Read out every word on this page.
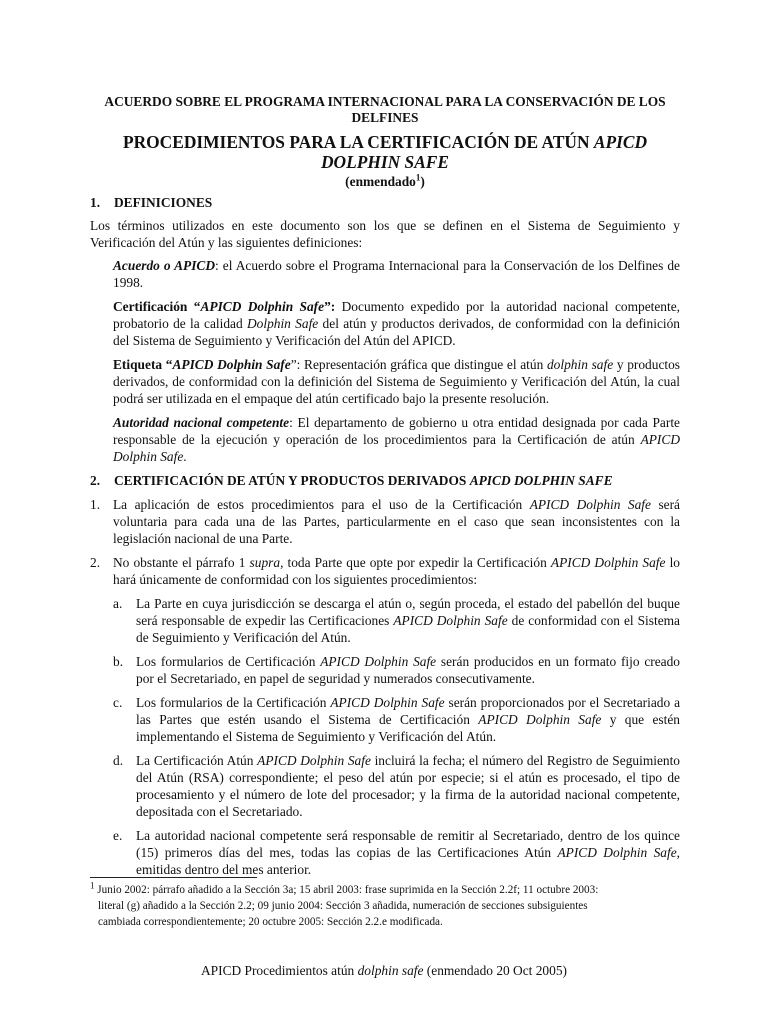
ACUERDO SOBRE EL PROGRAMA INTERNACIONAL PARA LA CONSERVACIÓN DE LOS DELFINES

PROCEDIMIENTOS PARA LA CERTIFICACIÓN DE ATÚN APICD DOLPHIN SAFE

(enmendado$^1$)

1.	DEFINICIONES

Los términos utilizados en este documento son los que se definen en el Sistema de Seguimiento y Verificación del Atún y las siguientes definiciones:

Acuerdo o APICD: el Acuerdo sobre el Programa Internacional para la Conservación de los Delfines de 1998.

Certificación “APICD Dolphin Safe”: Documento expedido por la autoridad nacional competente, probatorio de la calidad Dolphin Safe del atún y productos derivados, de conformidad con la definición del Sistema de Seguimiento y Verificación del Atún del APICD.

Etiqueta “APICD Dolphin Safe”: Representación gráfica que distingue el atún dolphin safe y productos derivados, de conformidad con la definición del Sistema de Seguimiento y Verificación del Atún, la cual podrá ser utilizada en el empaque del atún certificado bajo la presente resolución.

Autoridad nacional competente: El departamento de gobierno u otra entidad designada por cada Parte responsable de la ejecución y operación de los procedimientos para la Certificación de atún APICD Dolphin Safe.

2.	CERTIFICACIÓN DE ATÚN Y PRODUCTOS DERIVADOS APICD DOLPHIN SAFE

1. La aplicación de estos procedimientos para el uso de la Certificación APICD Dolphin Safe será voluntaria para cada una de las Partes, particularmente en el caso que sean inconsistentes con la legislación nacional de una Parte.
2. No obstante el párrafo 1 supra, toda Parte que opte por expedir la Certificación APICD Dolphin Safe lo hará únicamente de conformidad con los siguientes procedimientos:
a.	La Parte en cuya jurisdicción se descarga el atún o, según proceda, el estado del pabellón del buque será responsable de expedir las Certificaciones APICD Dolphin Safe de conformidad con el Sistema de Seguimiento y Verificación del Atún.
b. Los formularios de Certificación APICD Dolphin Safe serán producidos en un formato fijo creado por el Secretariado, en papel de seguridad y numerados consecutivamente.
c.	Los formularios de la Certificación APICD Dolphin Safe serán proporcionados por el Secretariado a las Partes que estén usando el Sistema de Certificación APICD Dolphin Safe y que estén implementando el Sistema de Seguimiento y Verificación del Atún.
d. La Certificación Atún APICD Dolphin Safe incluirá la fecha; el número del Registro de Seguimiento del Atún (RSA) correspondiente; el peso del atún por especie; si el atún es procesado, el tipo de procesamiento y el número de lote del procesador; y la firma de la autoridad nacional competente, depositada con el Secretariado.
e.	La autoridad nacional competente será responsable de remitir al Secretariado, dentro de los quince (15) primeros días del mes, todas las copias de las Certificaciones Atún APICD Dolphin Safe, emitidas dentro del mes anterior.
$^1$ Junio 2002: párrafo añadido a la Sección 3a; 15 abril 2003: frase suprimida en la Sección 2.2f; 11 octubre 2003:
literal (g) añadido a la Sección 2.2; 09 junio 2004: Sección 3 añadida, numeración de secciones subsiguientes
cambiada correspondientemente; 20 octubre 2005: Sección 2.2.e modificada.
APICD Procedimientos atún dolphin safe (enmendado 20 Oct 2005)
